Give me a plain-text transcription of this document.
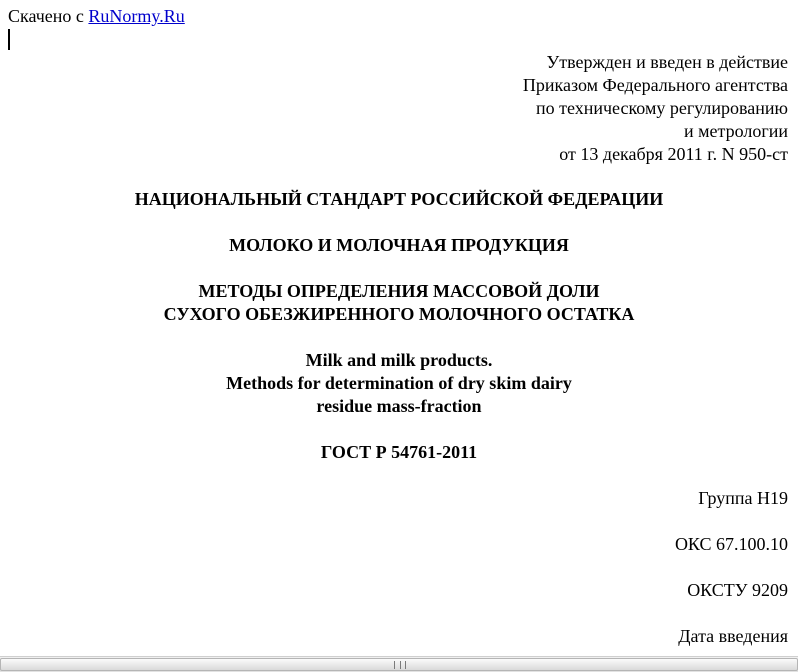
Скачено с RuNormy.Ru

Утвержден и введен в действие
Приказом Федерального агентства
по техническому регулированию
и метрологии
от 13 декабря 2011 г. N 950-ст
НАЦИОНАЛЬНЫЙ СТАНДАРТ РОССИЙСКОЙ ФЕДЕРАЦИИ
МОЛОКО И МОЛОЧНАЯ ПРОДУКЦИЯ
МЕТОДЫ ОПРЕДЕЛЕНИЯ МАССОВОЙ ДОЛИ
СУХОГО ОБЕЗЖИРЕННОГО МОЛОЧНОГО ОСТАТКА
Milk and milk products.
Methods for determination of dry skim dairy
residue mass-fraction
ГОСТ Р 54761-2011

Группа Н19

ОКС 67.100.10

ОКСТУ 9209

Дата введения
